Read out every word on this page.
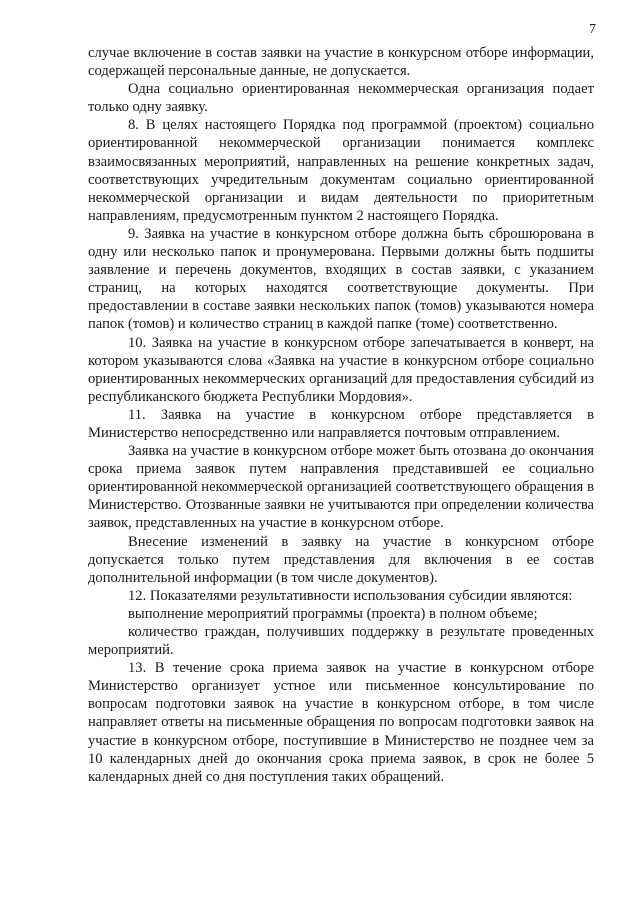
7

случае включение в состав заявки на участие в конкурсном отборе информации, содержащей персональные данные, не допускается.

Одна социально ориентированная некоммерческая организация подает только одну заявку.

8. В целях настоящего Порядка под программой (проектом) социально ориентированной некоммерческой организации понимается комплекс взаимосвязанных мероприятий, направленных на решение конкретных задач, соответствующих учредительным документам социально ориентированной некоммерческой организации и видам деятельности по приоритетным направлениям, предусмотренным пунктом 2 настоящего Порядка.

9. Заявка на участие в конкурсном отборе должна быть сброшюрована в одну или несколько папок и пронумерована. Первыми должны быть подшиты заявление и перечень документов, входящих в состав заявки, с указанием страниц, на которых находятся соответствующие документы. При предоставлении в составе заявки нескольких папок (томов) указываются номера папок (томов) и количество страниц в каждой папке (томе) соответственно.

10. Заявка на участие в конкурсном отборе запечатывается в конверт, на котором указываются слова «Заявка на участие в конкурсном отборе социально ориентированных некоммерческих организаций для предоставления субсидий из республиканского бюджета Республики Мордовия».

11. Заявка на участие в конкурсном отборе представляется в Министерство непосредственно или направляется почтовым отправлением.

Заявка на участие в конкурсном отборе может быть отозвана до окончания срока приема заявок путем направления представившей ее социально ориентированной некоммерческой организацией соответствующего обращения в Министерство. Отозванные заявки не учитываются при определении количества заявок, представленных на участие в конкурсном отборе.

Внесение изменений в заявку на участие в конкурсном отборе допускается только путем представления для включения в ее состав дополнительной информации (в том числе документов).

12. Показателями результативности использования субсидии являются:

выполнение мероприятий программы (проекта) в полном объеме;

количество граждан, получивших поддержку в результате проведенных мероприятий.

13. В течение срока приема заявок на участие в конкурсном отборе Министерство организует устное или письменное консультирование по вопросам подготовки заявок на участие в конкурсном отборе, в том числе направляет ответы на письменные обращения по вопросам подготовки заявок на участие в конкурсном отборе, поступившие в Министерство не позднее чем за 10 календарных дней до окончания срока приема заявок, в срок не более 5 календарных дней со дня поступления таких обращений.
